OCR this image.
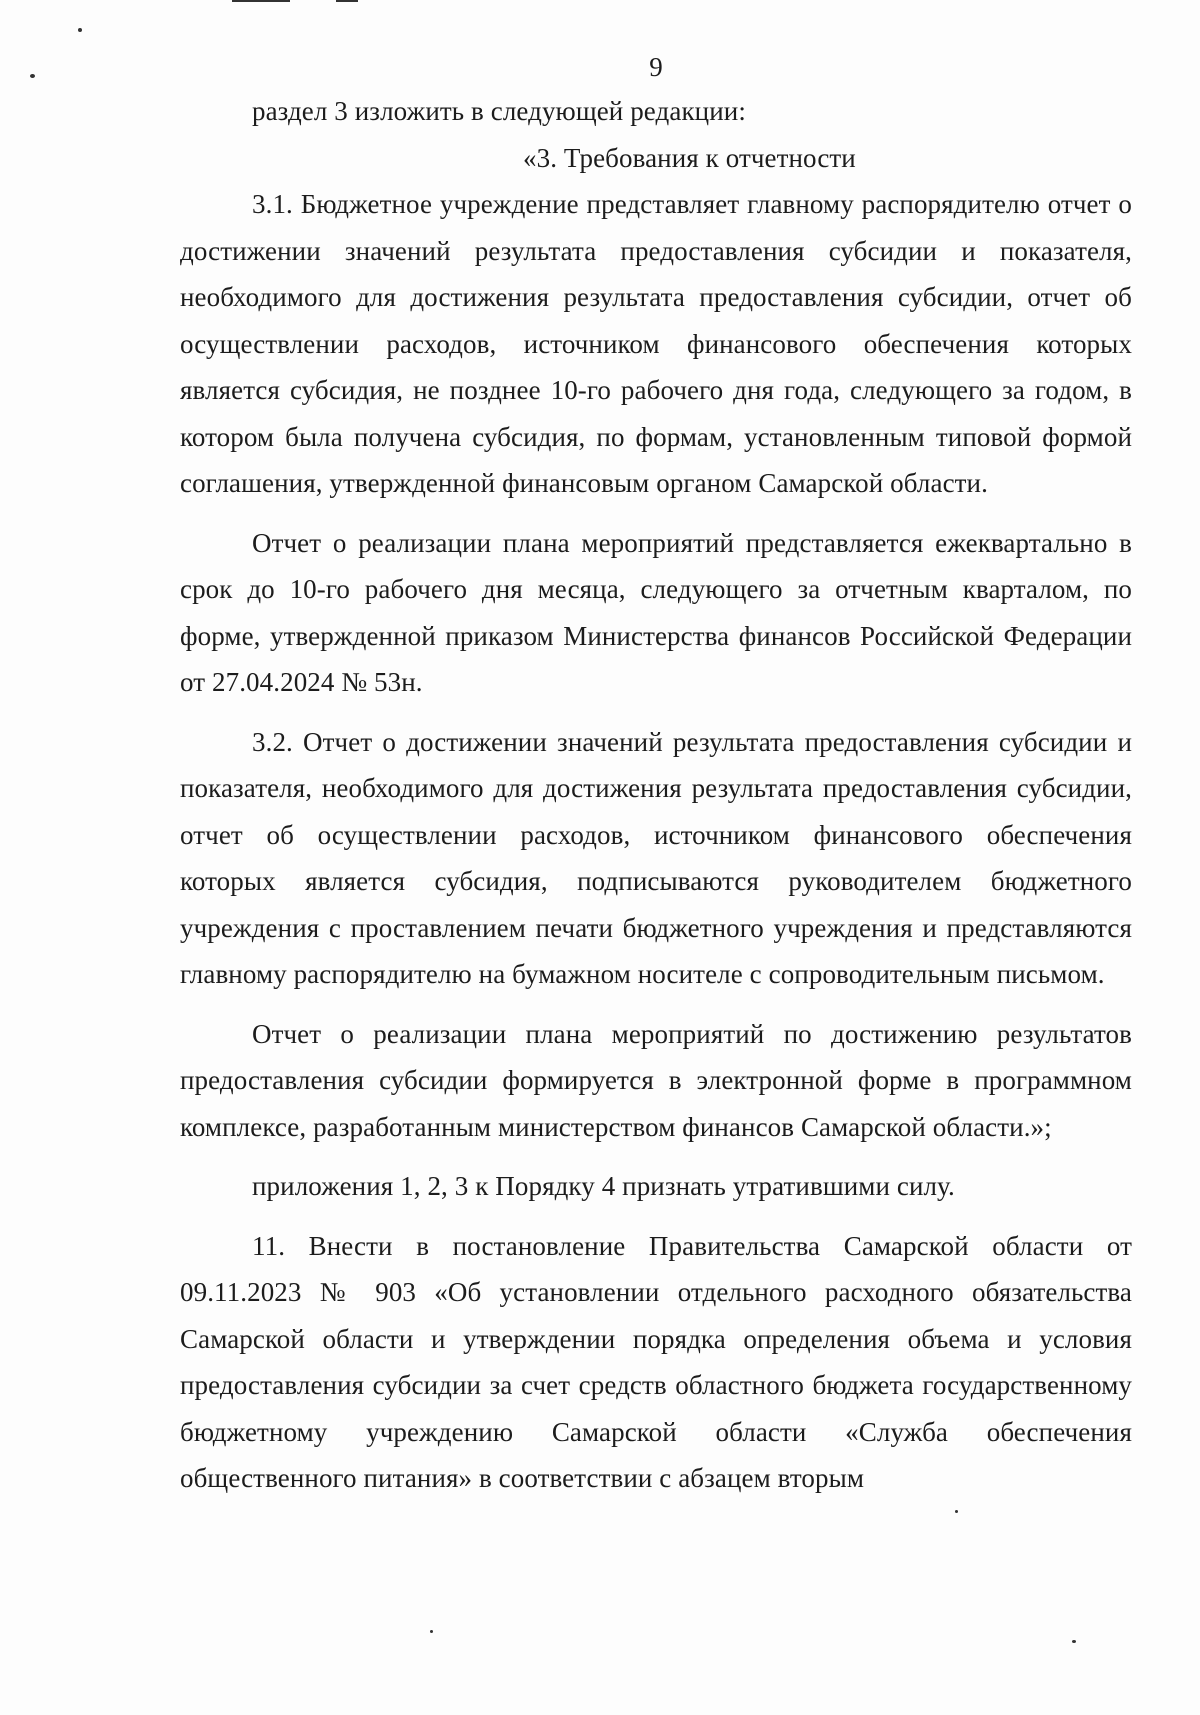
9

раздел 3 изложить в следующей редакции:

«3. Требования к отчетности

3.1. Бюджетное учреждение представляет главному распорядителю отчет о достижении значений результата предоставления субсидии и показателя, необходимого для достижения результата предоставления субсидии, отчет об осуществлении расходов, источником финансового обеспечения которых является субсидия, не позднее 10-го рабочего дня года, следующего за годом, в котором была получена субсидия, по формам, установленным типовой формой соглашения, утвержденной финансовым органом Самарской области.

Отчет о реализации плана мероприятий представляется ежеквартально в срок до 10-го рабочего дня месяца, следующего за отчетным кварталом, по форме, утвержденной приказом Министерства финансов Российской Федерации от 27.04.2024 № 53н.

3.2. Отчет о достижении значений результата предоставления субсидии и показателя, необходимого для достижения результата предоставления субсидии, отчет об осуществлении расходов, источником финансового обеспечения которых является субсидия, подписываются руководителем бюджетного учреждения с проставлением печати бюджетного учреждения и представляются главному распорядителю на бумажном носителе с сопроводительным письмом.

Отчет о реализации плана мероприятий по достижению результатов предоставления субсидии формируется в электронной форме в программном комплексе, разработанным министерством финансов Самарской области.»;

приложения 1, 2, 3 к Порядку 4 признать утратившими силу.

11. Внести в постановление Правительства Самарской области от 09.11.2023 № 903 «Об установлении отдельного расходного обязательства Самарской области и утверждении порядка определения объема и условия предоставления субсидии за счет средств областного бюджета государственному бюджетному учреждению Самарской области «Служба обеспечения общественного питания» в соответствии с абзацем вторым
